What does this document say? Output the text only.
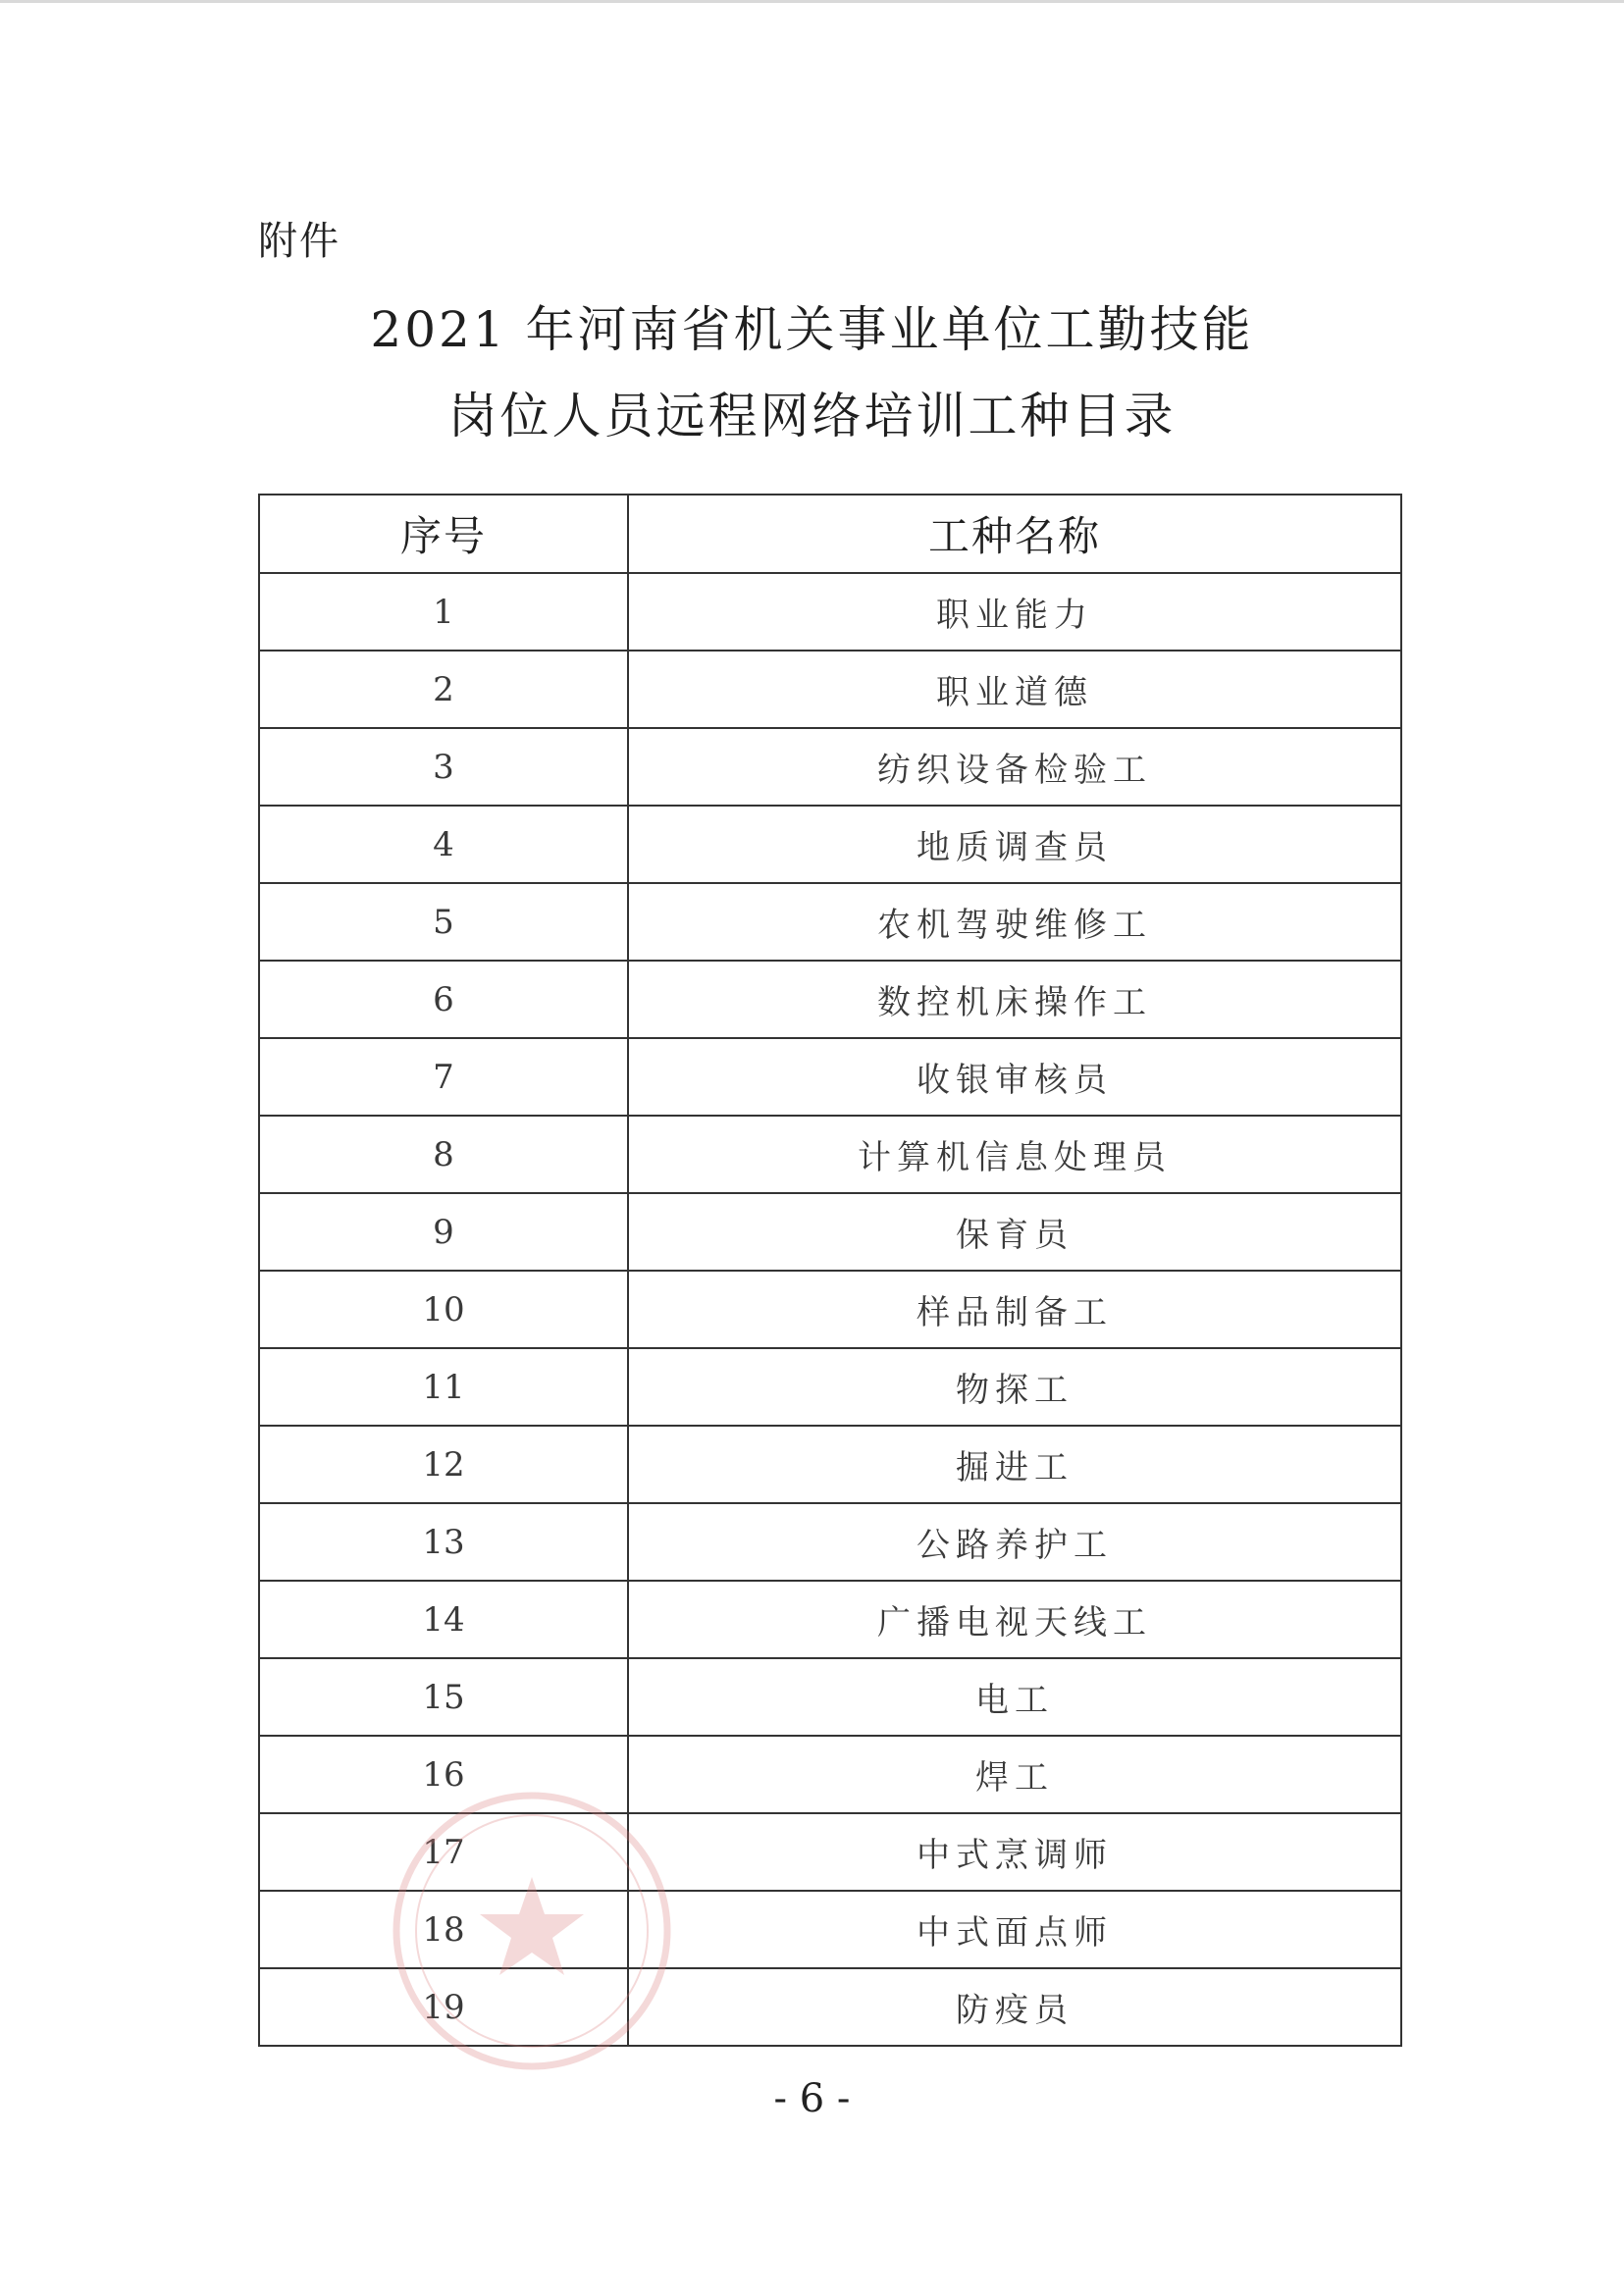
附件
2021 年河南省机关事业单位工勤技能
岗位人员远程网络培训工种目录
序号	工种名称
1	职业能力
2	职业道德
3	纺织设备检验工
4	地质调查员
5	农机驾驶维修工
6	数控机床操作工
7	收银审核员
8	计算机信息处理员
9	保育员
10	样品制备工
11	物探工
12	掘进工
13	公路养护工
14	广播电视天线工
15	电工
16	焊工
17	中式烹调师
18	中式面点师
19	防疫员
- 6 -
